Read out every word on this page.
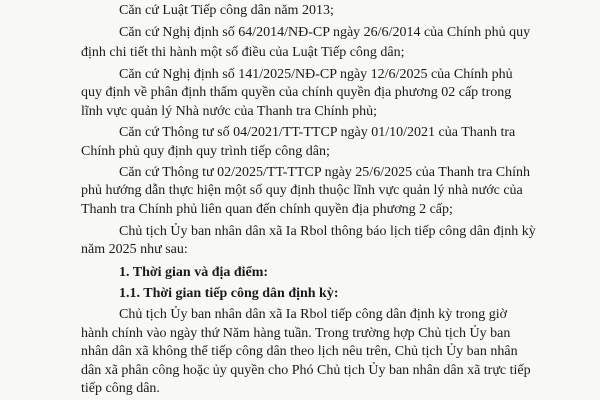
Căn cứ Luật Tiếp công dân năm 2013;
Căn cứ Nghị định số 64/2014/NĐ-CP ngày 26/6/2014 của Chính phủ quy
định chi tiết thi hành một số điều của Luật Tiếp công dân;
Căn cứ Nghị định số 141/2025/NĐ-CP ngày 12/6/2025 của Chính phủ
quy định về phân định thẩm quyền của chính quyền địa phương 02 cấp trong
lĩnh vực quản lý Nhà nước của Thanh tra Chính phủ;
Căn cứ Thông tư số 04/2021/TT-TTCP ngày 01/10/2021 của Thanh tra
Chính phủ quy định quy trình tiếp công dân;
Căn cứ Thông tư 02/2025/TT-TTCP ngày 25/6/2025 của Thanh tra Chính
phủ hướng dẫn thực hiện một số quy định thuộc lĩnh vực quản lý nhà nước của
Thanh tra Chính phủ liên quan đến chính quyền địa phương 2 cấp;
Chủ tịch Ủy ban nhân dân xã Ia Rbol thông báo lịch tiếp công dân định kỳ
năm 2025 như sau:
1. Thời gian và địa điểm:
1.1. Thời gian tiếp công dân định kỳ:
Chủ tịch Ủy ban nhân dân xã Ia Rbol tiếp công dân định kỳ trong giờ
hành chính vào ngày thứ Năm hàng tuần. Trong trường hợp Chủ tịch Ủy ban
nhân dân xã không thể tiếp công dân theo lịch nêu trên, Chủ tịch Ủy ban nhân
dân xã phân công hoặc ủy quyền cho Phó Chủ tịch Ủy ban nhân dân xã trực tiếp
tiếp công dân.
